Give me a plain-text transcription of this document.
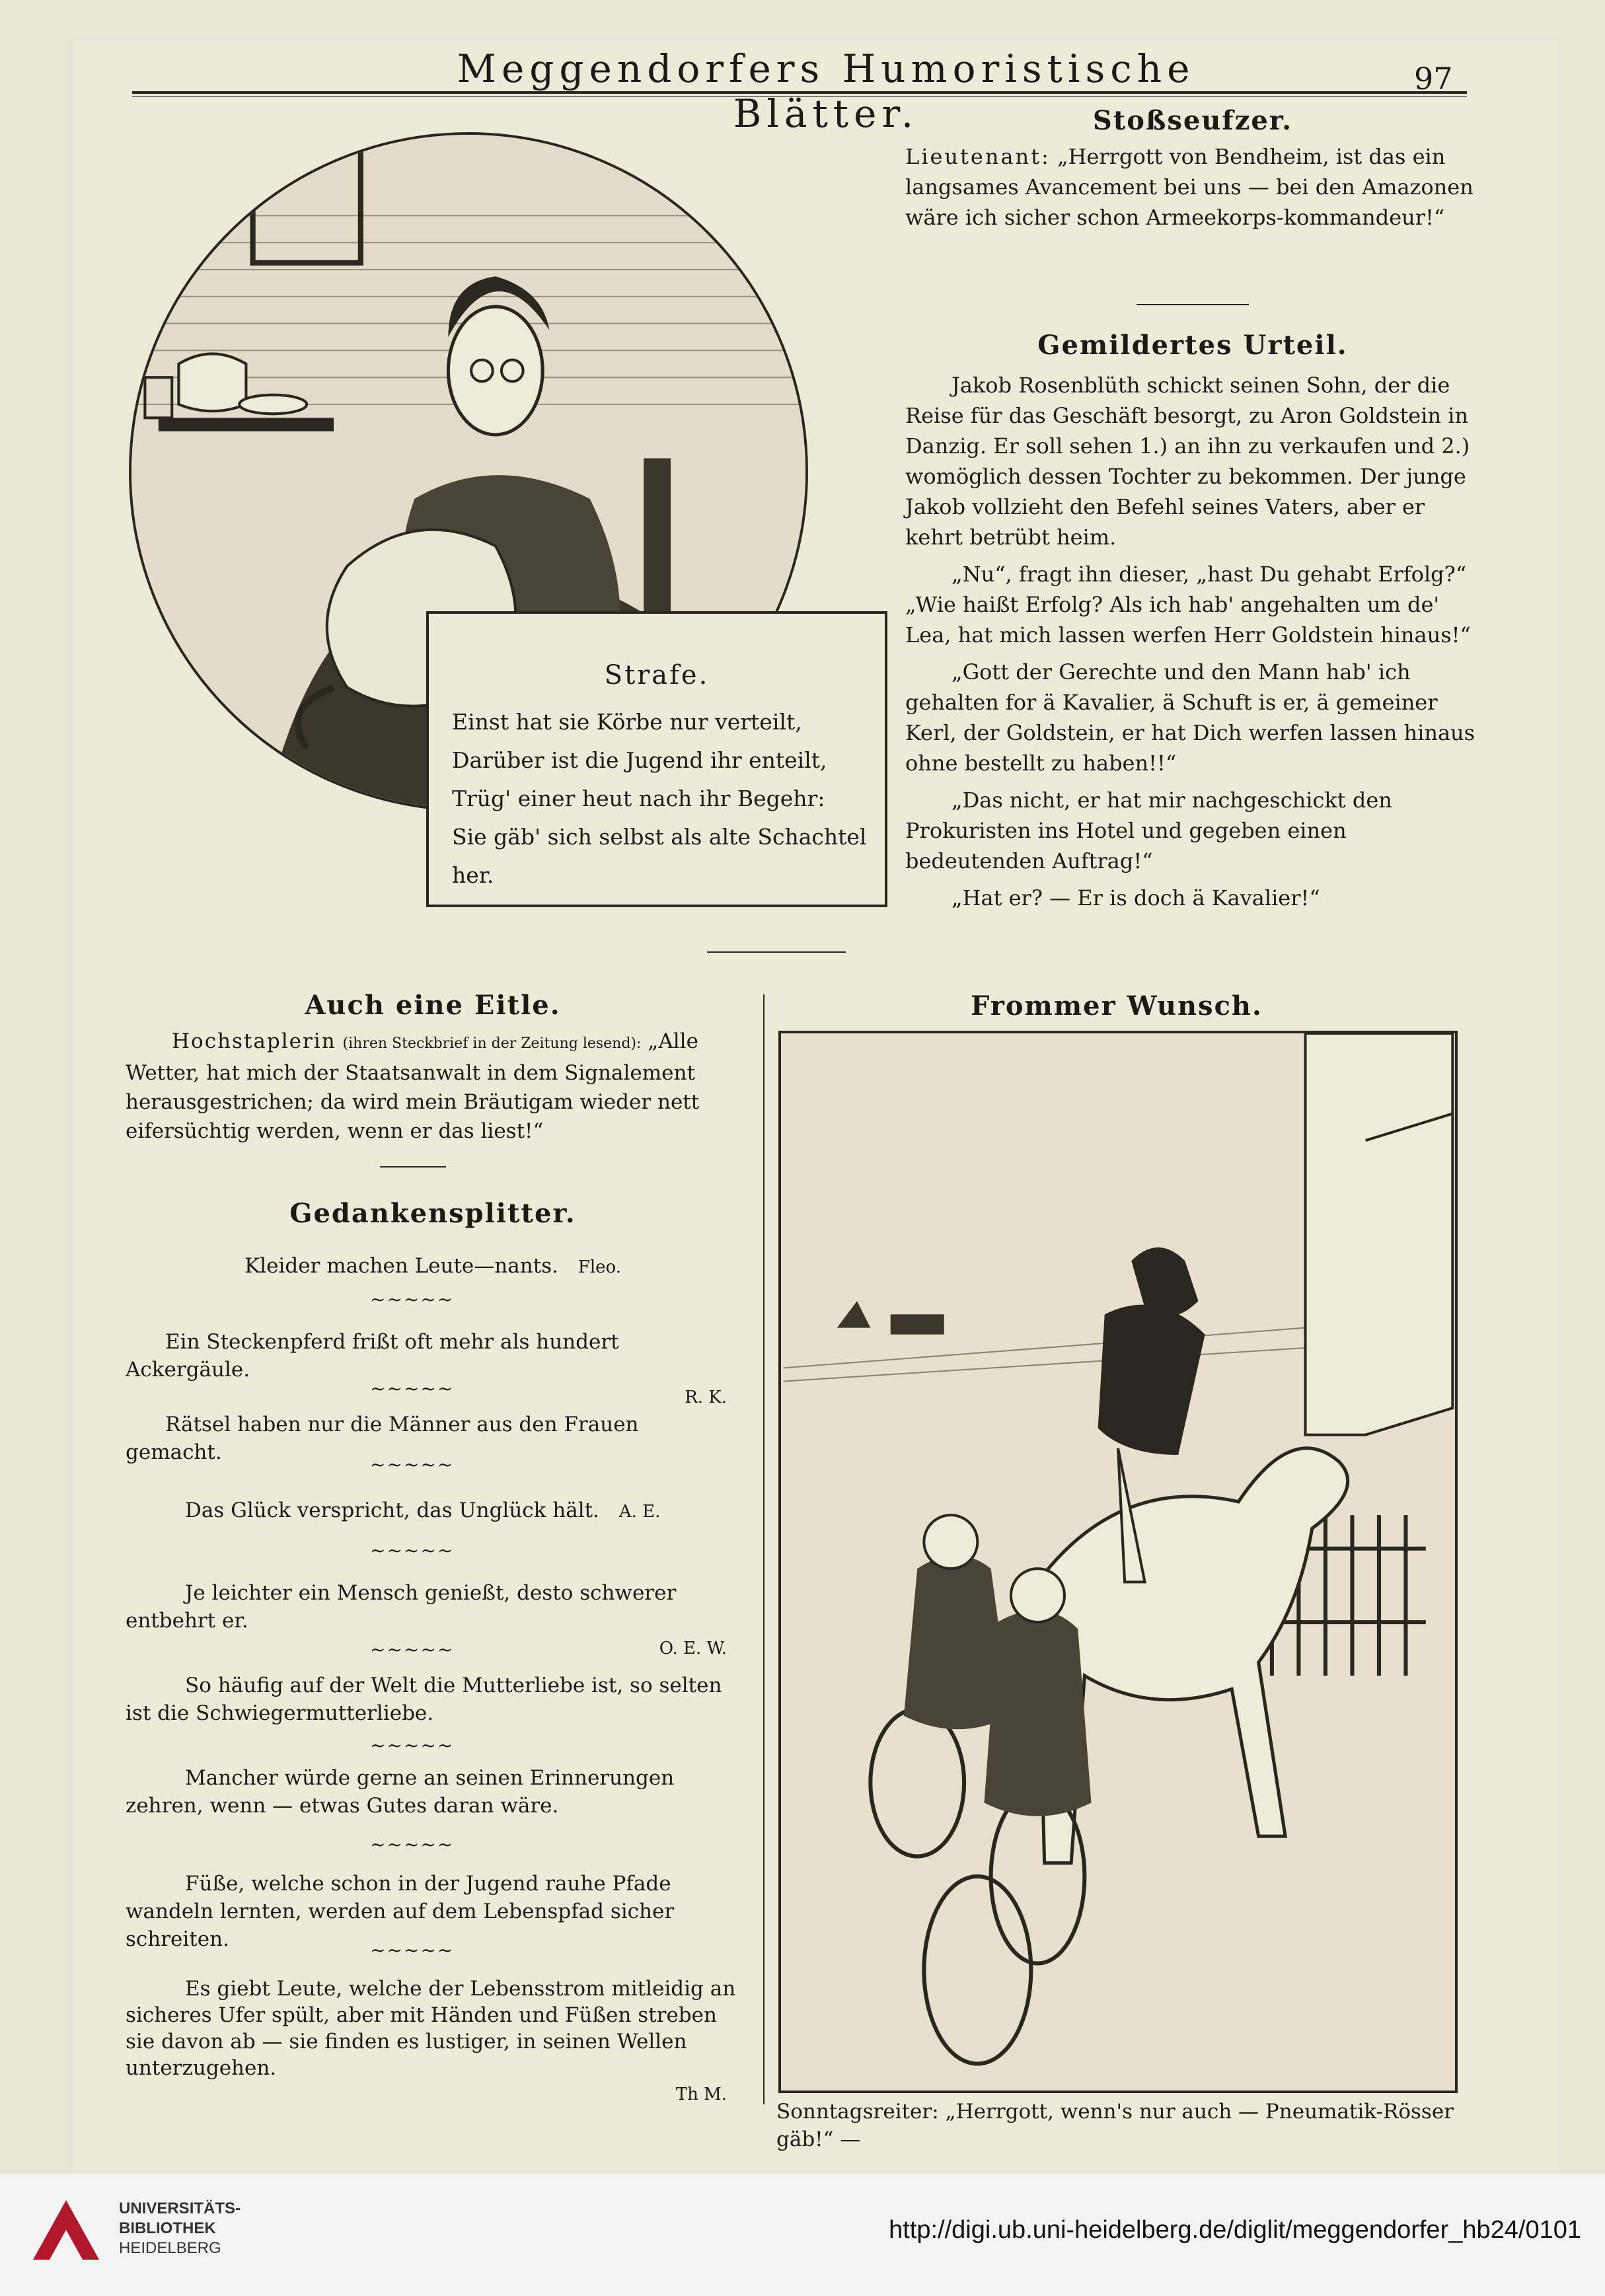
Meggendorfers Humoristische Blätter.
97
Strafe.
Einst hat sie Körbe nur verteilt,
Darüber ist die Jugend ihr enteilt,
Trüg' einer heut nach ihr Begehr:
Sie gäb' sich selbst als alte Schachtel her.
Stoßseufzer.
Lieutenant: „Herrgott von Bendheim, ist das ein langsames Avancement bei uns — bei den Amazonen wäre ich sicher schon Armeekorps-kommandeur!“
Gemildertes Urteil.
Jakob Rosenblüth schickt seinen Sohn, der die Reise für das Geschäft besorgt, zu Aron Goldstein in Danzig. Er soll sehen 1.) an ihn zu verkaufen und 2.) womöglich dessen Tochter zu bekommen. Der junge Jakob vollzieht den Befehl seines Vaters, aber er kehrt betrübt heim.
„Nu“, fragt ihn dieser, „hast Du gehabt Erfolg?“ „Wie haißt Erfolg? Als ich hab' angehalten um de' Lea, hat mich lassen werfen Herr Goldstein hinaus!“
„Gott der Gerechte und den Mann hab' ich gehalten for ä Kavalier, ä Schuft is er, ä gemeiner Kerl, der Goldstein, er hat Dich werfen lassen hinaus ohne bestellt zu haben!!“
„Das nicht, er hat mir nachgeschickt den Prokuristen ins Hotel und gegeben einen bedeutenden Auftrag!“
„Hat er? — Er is doch ä Kavalier!“
Auch eine Eitle.
Hochstaplerin (ihren Steckbrief in der Zeitung lesend): „Alle Wetter, hat mich der Staatsanwalt in dem Signalement herausgestrichen; da wird mein Bräutigam wieder nett eifersüchtig werden, wenn er das liest!“
Gedankensplitter.
Kleider machen Leute—nants. Fleo.
~~~~~
Ein Steckenpferd frißt oft mehr als hundert Ackergäule.
R. K.
~~~~~
Rätsel haben nur die Männer aus den Frauen gemacht.
~~~~~
Das Glück verspricht, das Unglück hält. A. E.
~~~~~
Je leichter ein Mensch genießt, desto schwerer entbehrt er.
O. E. W.
~~~~~
So häufig auf der Welt die Mutterliebe ist, so selten ist die Schwiegermutterliebe.
~~~~~
Mancher würde gerne an seinen Erinnerungen zehren, wenn — etwas Gutes daran wäre.
~~~~~
Füße, welche schon in der Jugend rauhe Pfade wandeln lernten, werden auf dem Lebenspfad sicher schreiten.	~~~~~
Es giebt Leute, welche der Lebensstrom mitleidig an sicheres Ufer spült, aber mit Händen und Füßen streben sie davon ab — sie finden es lustiger, in seinen Wellen unterzugehen.
Th M.
Frommer Wunsch.
Sonntagsreiter: „Herrgott, wenn's nur auch — Pneumatik-Rösser gäb!“ —
UNIVERSITÄTS-
BIBLIOTHEK
HEIDELBERG
http://digi.ub.uni-heidelberg.de/diglit/meggendorfer_hb24/0101
